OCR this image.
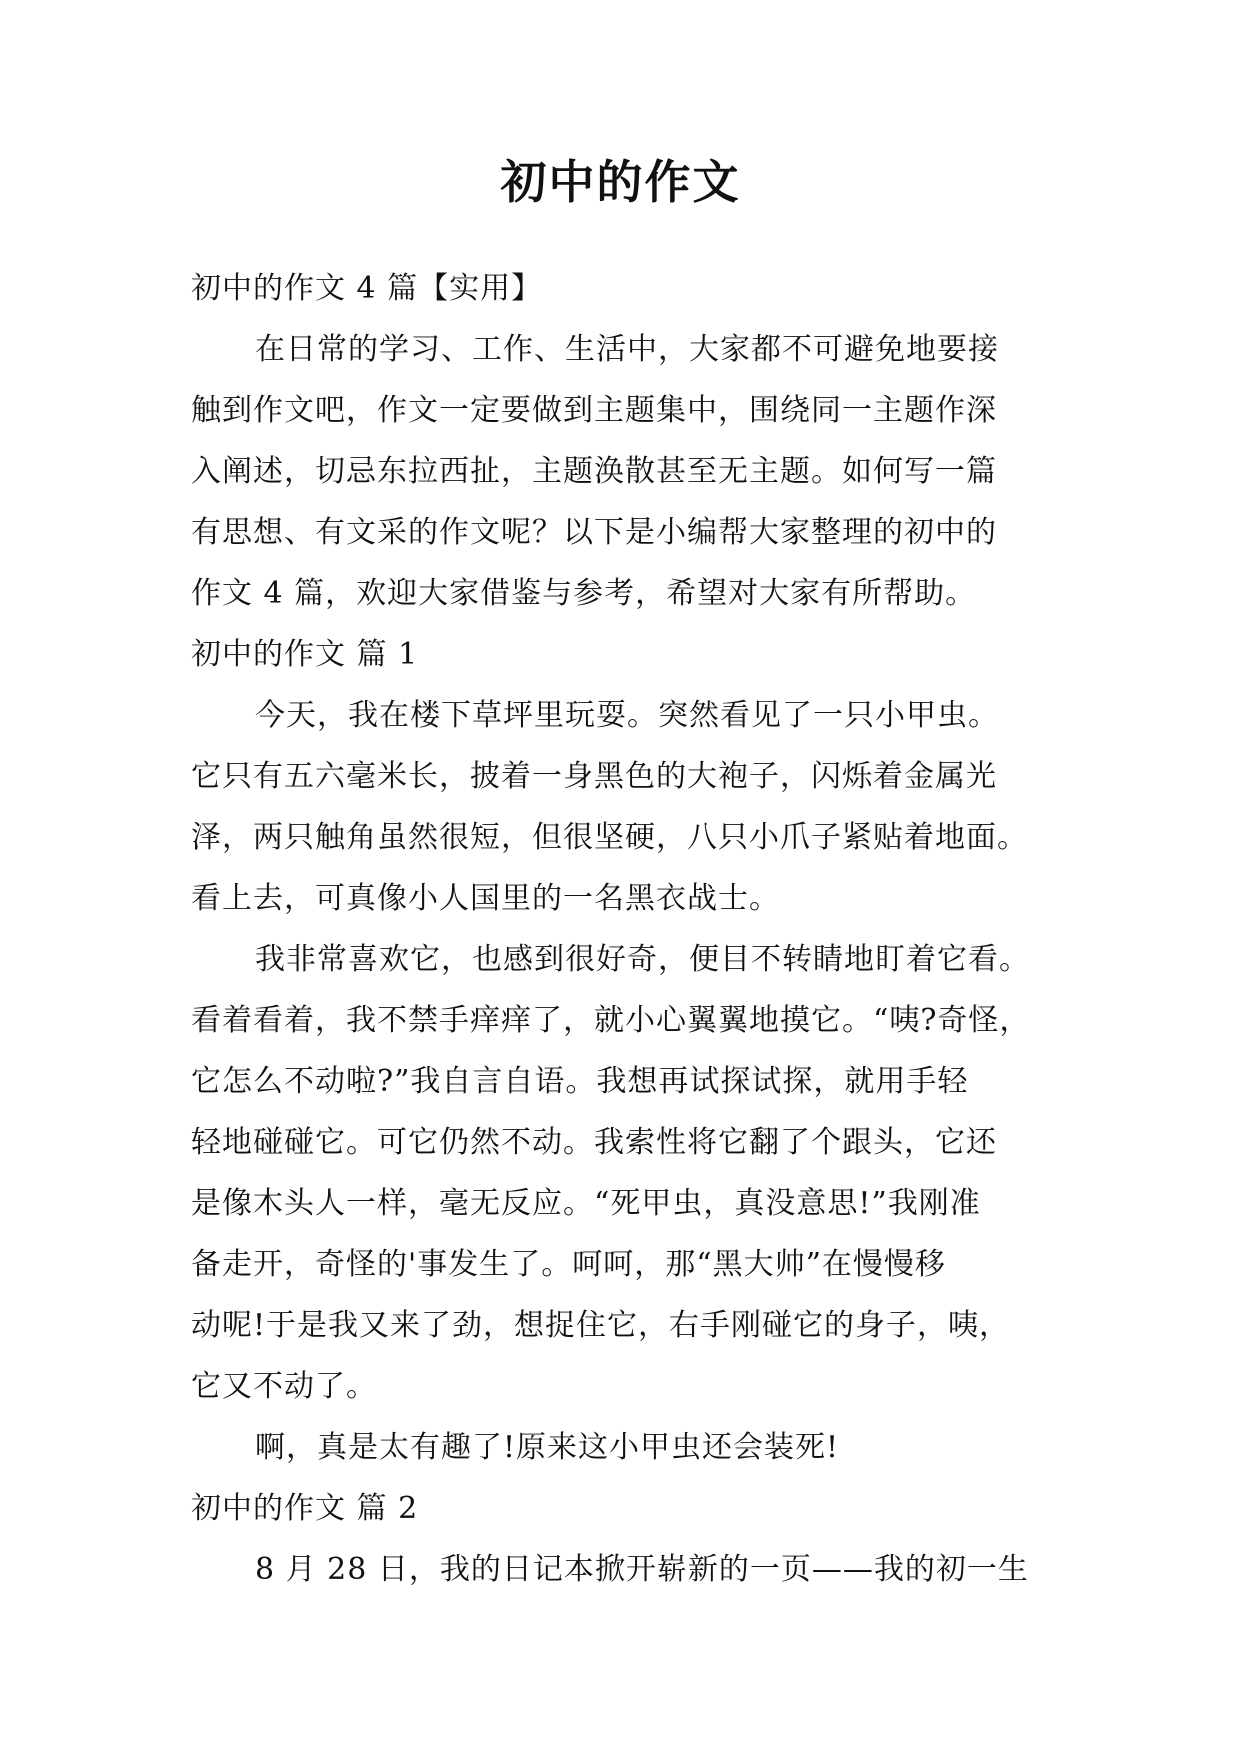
初中的作文
初中的作文 4 篇【实用】
在日常的学习、工作、生活中，大家都不可避免地要接
触到作文吧，作文一定要做到主题集中，围绕同一主题作深
入阐述，切忌东拉西扯，主题涣散甚至无主题。如何写一篇
有思想、有文采的作文呢？以下是小编帮大家整理的初中的
作文 4 篇，欢迎大家借鉴与参考，希望对大家有所帮助。
初中的作文 篇 1
今天，我在楼下草坪里玩耍。突然看见了一只小甲虫。
它只有五六毫米长，披着一身黑色的大袍子，闪烁着金属光
泽，两只触角虽然很短，但很坚硬，八只小爪子紧贴着地面。
看上去，可真像小人国里的一名黑衣战士。
我非常喜欢它，也感到很好奇，便目不转睛地盯着它看。
看着看着，我不禁手痒痒了，就小心翼翼地摸它。“咦?奇怪，
它怎么不动啦?”我自言自语。我想再试探试探，就用手轻
轻地碰碰它。可它仍然不动。我索性将它翻了个跟头，它还
是像木头人一样，毫无反应。“死甲虫，真没意思!”我刚准
备走开，奇怪的'事发生了。呵呵，那“黑大帅”在慢慢移
动呢!于是我又来了劲，想捉住它，右手刚碰它的身子，咦，
它又不动了。
啊，真是太有趣了!原来这小甲虫还会装死!
初中的作文 篇 2
8 月 28 日，我的日记本掀开崭新的一页——我的初一生
